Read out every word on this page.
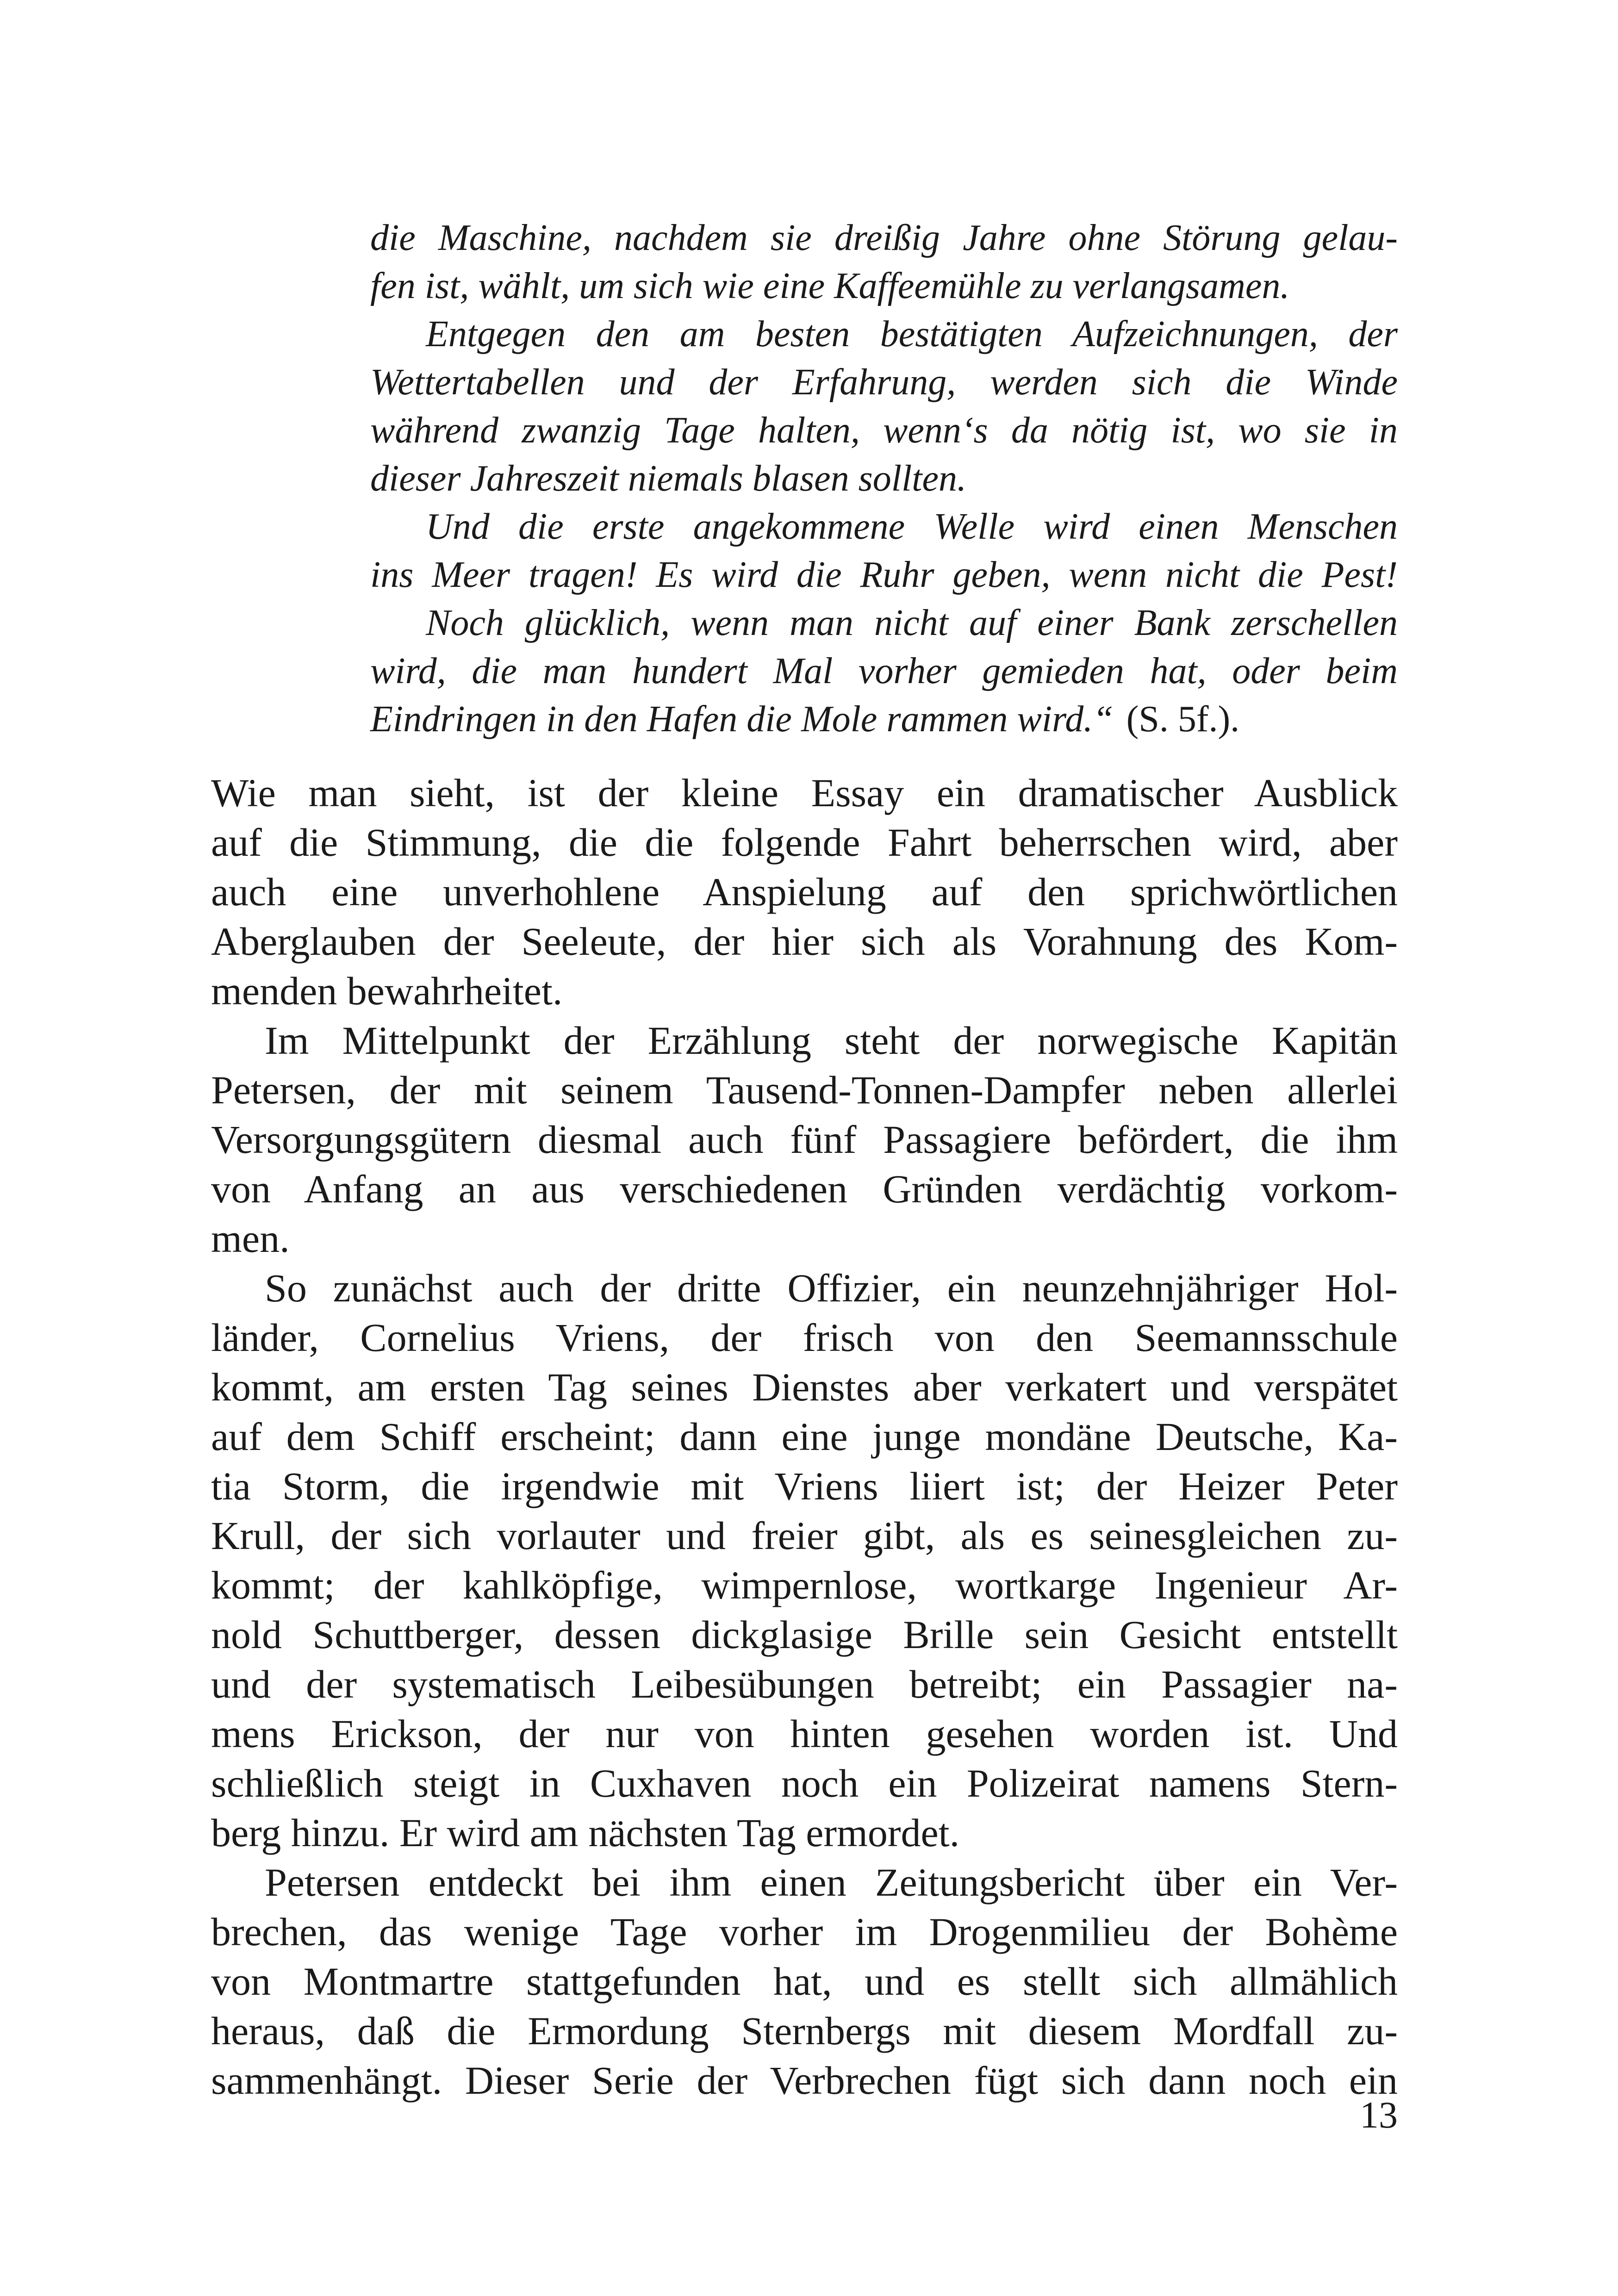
die Maschine, nachdem sie dreißig Jahre ohne Störung gelau-
fen ist, wählt, um sich wie eine Kaffeemühle zu verlangsamen.
Entgegen den am besten bestätigten Aufzeichnungen, der
Wettertabellen und der Erfahrung, werden sich die Winde
während zwanzig Tage halten, wenn‘s da nötig ist, wo sie in
dieser Jahreszeit niemals blasen sollten.
Und die erste angekommene Welle wird einen Menschen
ins Meer tragen! Es wird die Ruhr geben, wenn nicht die Pest!
Noch glücklich, wenn man nicht auf einer Bank zerschellen
wird, die man hundert Mal vorher gemieden hat, oder beim
Eindringen in den Hafen die Mole rammen wird.“ (S. 5f.).
Wie man sieht, ist der kleine Essay ein dramatischer Ausblick
auf die Stimmung, die die folgende Fahrt beherrschen wird, aber
auch eine unverhohlene Anspielung auf den sprichwörtlichen
Aberglauben der Seeleute, der hier sich als Vorahnung des Kom-
menden bewahrheitet.
Im Mittelpunkt der Erzählung steht der norwegische Kapitän
Petersen, der mit seinem Tausend-Tonnen-Dampfer neben allerlei
Versorgungsgütern diesmal auch fünf Passagiere befördert, die ihm
von Anfang an aus verschiedenen Gründen verdächtig vorkom-
men.
So zunächst auch der dritte Offizier, ein neunzehnjähriger Hol-
länder, Cornelius Vriens, der frisch von den Seemannsschule
kommt, am ersten Tag seines Dienstes aber verkatert und verspätet
auf dem Schiff erscheint; dann eine junge mondäne Deutsche, Ka-
tia Storm, die irgendwie mit Vriens liiert ist; der Heizer Peter
Krull, der sich vorlauter und freier gibt, als es seinesgleichen zu-
kommt; der kahlköpfige, wimpernlose, wortkarge Ingenieur Ar-
nold Schuttberger, dessen dickglasige Brille sein Gesicht entstellt
und der systematisch Leibesübungen betreibt; ein Passagier na-
mens Erickson, der nur von hinten gesehen worden ist. Und
schließlich steigt in Cuxhaven noch ein Polizeirat namens Stern-
berg hinzu. Er wird am nächsten Tag ermordet.
Petersen entdeckt bei ihm einen Zeitungsbericht über ein Ver-
brechen, das wenige Tage vorher im Drogenmilieu der Bohème
von Montmartre stattgefunden hat, und es stellt sich allmählich
heraus, daß die Ermordung Sternbergs mit diesem Mordfall zu-
sammenhängt. Dieser Serie der Verbrechen fügt sich dann noch ein
13
